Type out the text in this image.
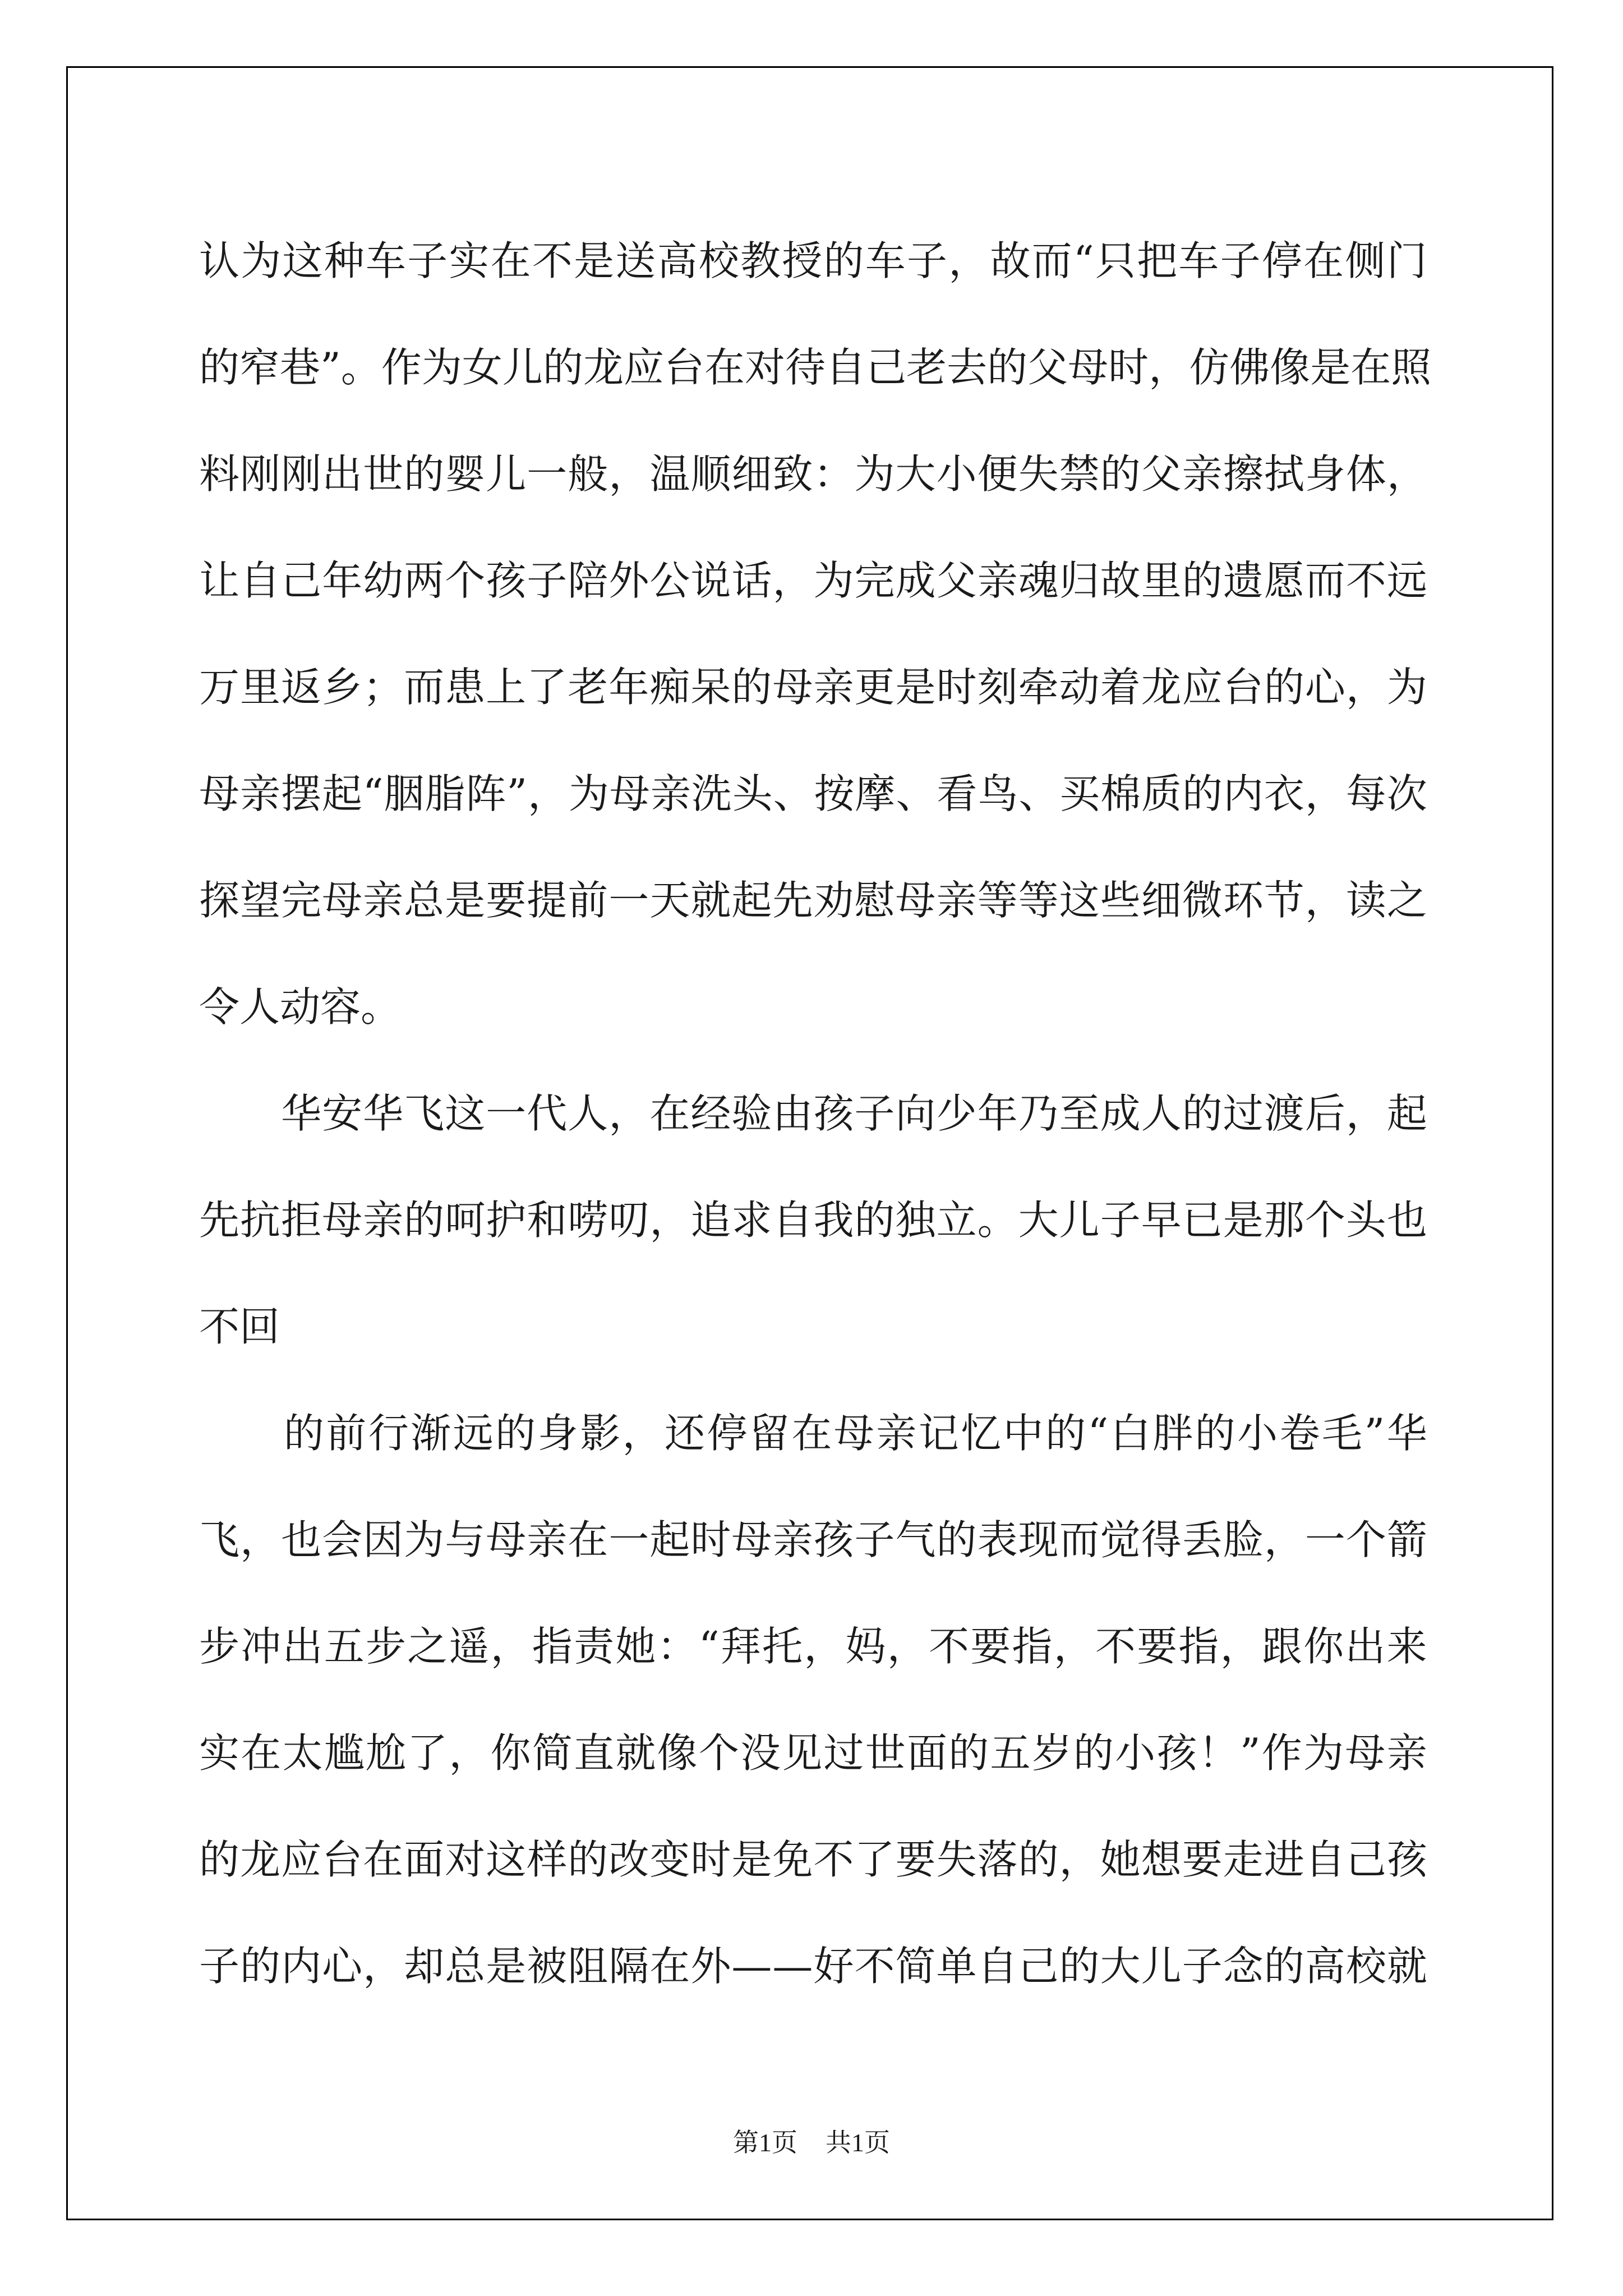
认 为 这 种 车 子 实 在 不 是 送 高 校 教 授 的 车 子 ， 故 而 “ 只 把 车 子 停 在 侧 门
的 窄 巷 ” 。 作 为 女 儿 的 龙 应 台 在 对 待 自 己 老 去 的 父 母 时 ， 仿 佛 像 是 在 照
料 刚 刚 出 世 的 婴 儿 一 般 ， 温 顺 细 致 ： 为 大 小 便 失 禁 的 父 亲 擦 拭 身 体 ，
让 自 己 年 幼 两 个 孩 子 陪 外 公 说 话 ， 为 完 成 父 亲 魂 归 故 里 的 遗 愿 而 不 远
万 里 返 乡 ； 而 患 上 了 老 年 痴 呆 的 母 亲 更 是 时 刻 牵 动 着 龙 应 台 的 心 ， 为
母 亲 摆 起 “ 胭 脂 阵 ” ， 为 母 亲 洗 头 、 按 摩 、 看 鸟 、 买 棉 质 的 内 衣 ， 每 次
探 望 完 母 亲 总 是 要 提 前 一 天 就 起 先 劝 慰 母 亲 等 等 这 些 细 微 环 节 ， 读 之
令人动容。

华 安 华 飞 这 一 代 人 ， 在 经 验 由 孩 子 向 少 年 乃 至 成 人 的 过 渡 后 ， 起
先 抗 拒 母 亲 的 呵 护 和 唠 叨 ， 追 求 自 我 的 独 立 。 大 儿 子 早 已 是 那 个 头 也
不回

的 前 行 渐 远 的 身 影 ， 还 停 留 在 母 亲 记 忆 中 的 “ 白 胖 的 小 卷 毛 ” 华
飞 ， 也 会 因 为 与 母 亲 在 一 起 时 母 亲 孩 子 气 的 表 现 而 觉 得 丢 脸 ， 一 个 箭
步 冲 出 五 步 之 遥 ， 指 责 她 ： “ 拜 托 ， 妈 ， 不 要 指 ， 不 要 指 ， 跟 你 出 来
实 在 太 尴 尬 了 ， 你 简 直 就 像 个 没 见 过 世 面 的 五 岁 的 小 孩 ！ ” 作 为 母 亲
的 龙 应 台 在 面 对 这 样 的 改 变 时 是 免 不 了 要 失 落 的 ， 她 想 要 走 进 自 己 孩
子 的 内 心 ， 却 总 是 被 阻 隔 在 外 — — 好 不 简 单 自 己 的 大 儿 子 念 的 高 校 就
第1页 共1页
